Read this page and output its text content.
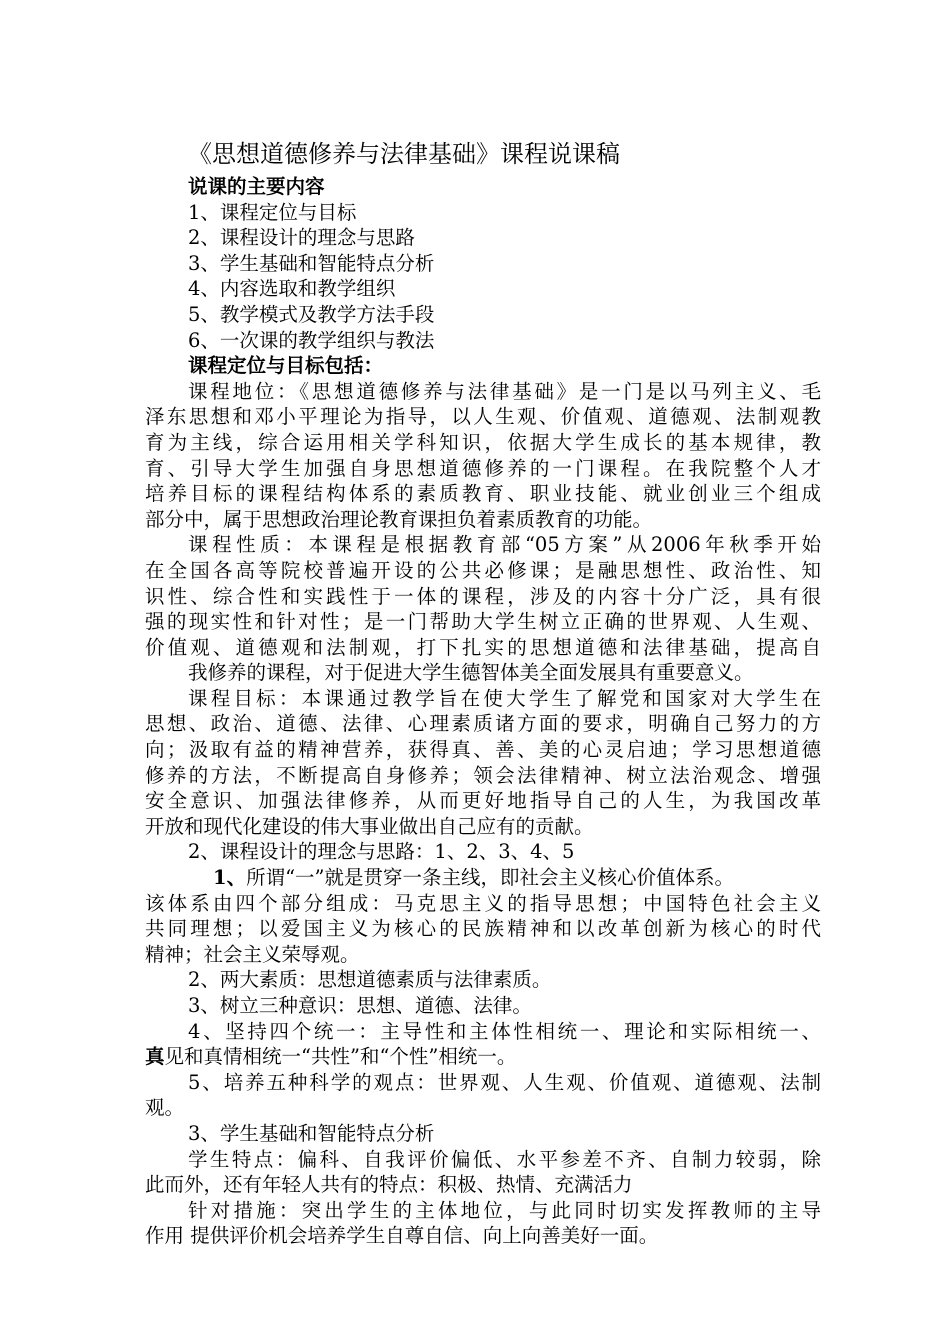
《思想道德修养与法律基础》课程说课稿
说课的主要内容
1、课程定位与目标
2、课程设计的理念与思路
3、学生基础和智能特点分析
4、内容选取和教学组织
5、教学模式及教学方法手段
6、一次课的教学组织与教法
课程定位与目标包括：
课程地位：《思想道德修养与法律基础》是一门是以马列主义、毛
泽东思想和邓小平理论为指导，以人生观、价值观、道德观、法制观教
育为主线，综合运用相关学科知识，依据大学生成长的基本规律，教
育、引导大学生加强自身思想道德修养的一门课程。在我院整个人才
培养目标的课程结构体系的素质教育、职业技能、就业创业三个组成
部分中，属于思想政治理论教育课担负着素质教育的功能。
课程性质：本课程是根据教育部“05方案”从2006年秋季开始
在全国各高等院校普遍开设的公共必修课；是融思想性、政治性、知
识性、综合性和实践性于一体的课程，涉及的内容十分广泛，具有很
强的现实性和针对性；是一门帮助大学生树立正确的世界观、人生观、
价值观、道德观和法制观，打下扎实的思想道德和法律基础，提高自
我修养的课程，对于促进大学生德智体美全面发展具有重要意义。
课程目标：本课通过教学旨在使大学生了解党和国家对大学生在
思想、政治、道德、法律、心理素质诸方面的要求，明确自己努力的方
向；汲取有益的精神营养，获得真、善、美的心灵启迪；学习思想道德
修养的方法，不断提高自身修养；领会法律精神、树立法治观念、增强
安全意识、加强法律修养，从而更好地指导自己的人生，为我国改革
开放和现代化建设的伟大事业做出自己应有的贡献。
2、课程设计的理念与思路：1、2、3、4、5
1、所谓“一”就是贯穿一条主线，即社会主义核心价值体系。
该体系由四个部分组成：马克思主义的指导思想；中国特色社会主义
共同理想；以爱国主义为核心的民族精神和以改革创新为核心的时代
精神；社会主义荣辱观。
2、两大素质：思想道德素质与法律素质。
3、树立三种意识：思想、道德、法律。
4、坚持四个统一：主导性和主体性相统一、理论和实际相统一、
真见和真情相统一“共性”和“个性”相统一。
5、培养五种科学的观点：世界观、人生观、价值观、道德观、法制
观。
3、学生基础和智能特点分析
学生特点：偏科、自我评价偏低、水平参差不齐、自制力较弱，除
此而外，还有年轻人共有的特点：积极、热情、充满活力
针对措施：突出学生的主体地位，与此同时切实发挥教师的主导
作用 提供评价机会培养学生自尊自信、向上向善美好一面。
